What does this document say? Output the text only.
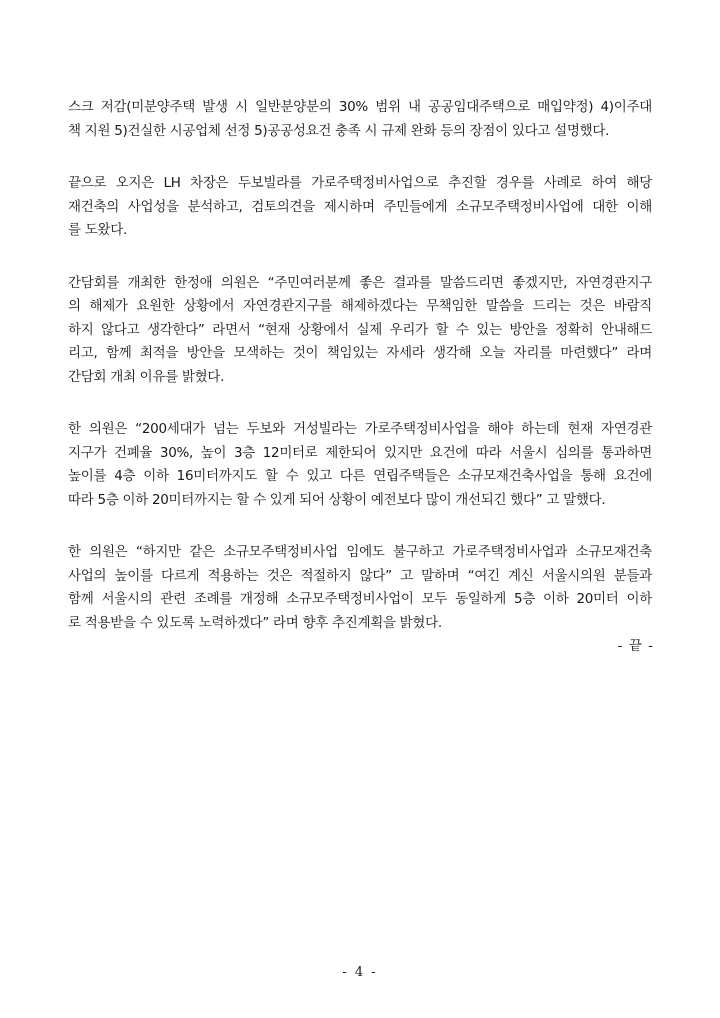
스크 저감(미분양주택 발생 시 일반분양분의 30% 범위 내 공공임대주택으로 매입약정) 4)이주대
책 지원 5)건실한 시공업체 선정 5)공공성요건 충족 시 규제 완화 등의 장점이 있다고 설명했다.

끝으로 오지은 LH 차장은 두보빌라를 가로주택정비사업으로 추진할 경우를 사례로 하여 해당
재건축의 사업성을 분석하고, 검토의견을 제시하며 주민들에게 소규모주택정비사업에 대한 이해
를 도왔다.

간담회를 개최한 한정애 의원은 “주민여러분께 좋은 결과를 말씀드리면 좋겠지만, 자연경관지구
의 해제가 요원한 상황에서 자연경관지구를 해제하겠다는 무책임한 말씀을 드리는 것은 바람직
하지 않다고 생각한다” 라면서 “현재 상황에서 실제 우리가 할 수 있는 방안을 정확히 안내해드
리고, 함께 최적을 방안을 모색하는 것이 책임있는 자세라 생각해 오늘 자리를 마련했다” 라며
간담회 개최 이유를 밝혔다.

한 의원은 “200세대가 넘는 두보와 거성빌라는 가로주택정비사업을 해야 하는데 현재 자연경관
지구가 건폐율 30%, 높이 3층 12미터로 제한되어 있지만 요건에 따라 서울시 심의를 통과하면
높이를 4층 이하 16미터까지도 할 수 있고 다른 연립주택들은 소규모재건축사업을 통해 요건에
따라 5층 이하 20미터까지는 할 수 있게 되어 상황이 예전보다 많이 개선되긴 했다” 고 말했다.

한 의원은 “하지만 같은 소규모주택정비사업 임에도 불구하고 가로주택정비사업과 소규모재건축
사업의 높이를 다르게 적용하는 것은 적절하지 않다” 고 말하며 “여긴 계신 서울시의원 분들과
함께 서울시의 관련 조례를 개정해 소규모주택정비사업이 모두 동일하게 5층 이하 20미터 이하
로 적용받을 수 있도록 노력하겠다” 라며 향후 추진계획을 밝혔다.

- 끝 -
- 4 -
